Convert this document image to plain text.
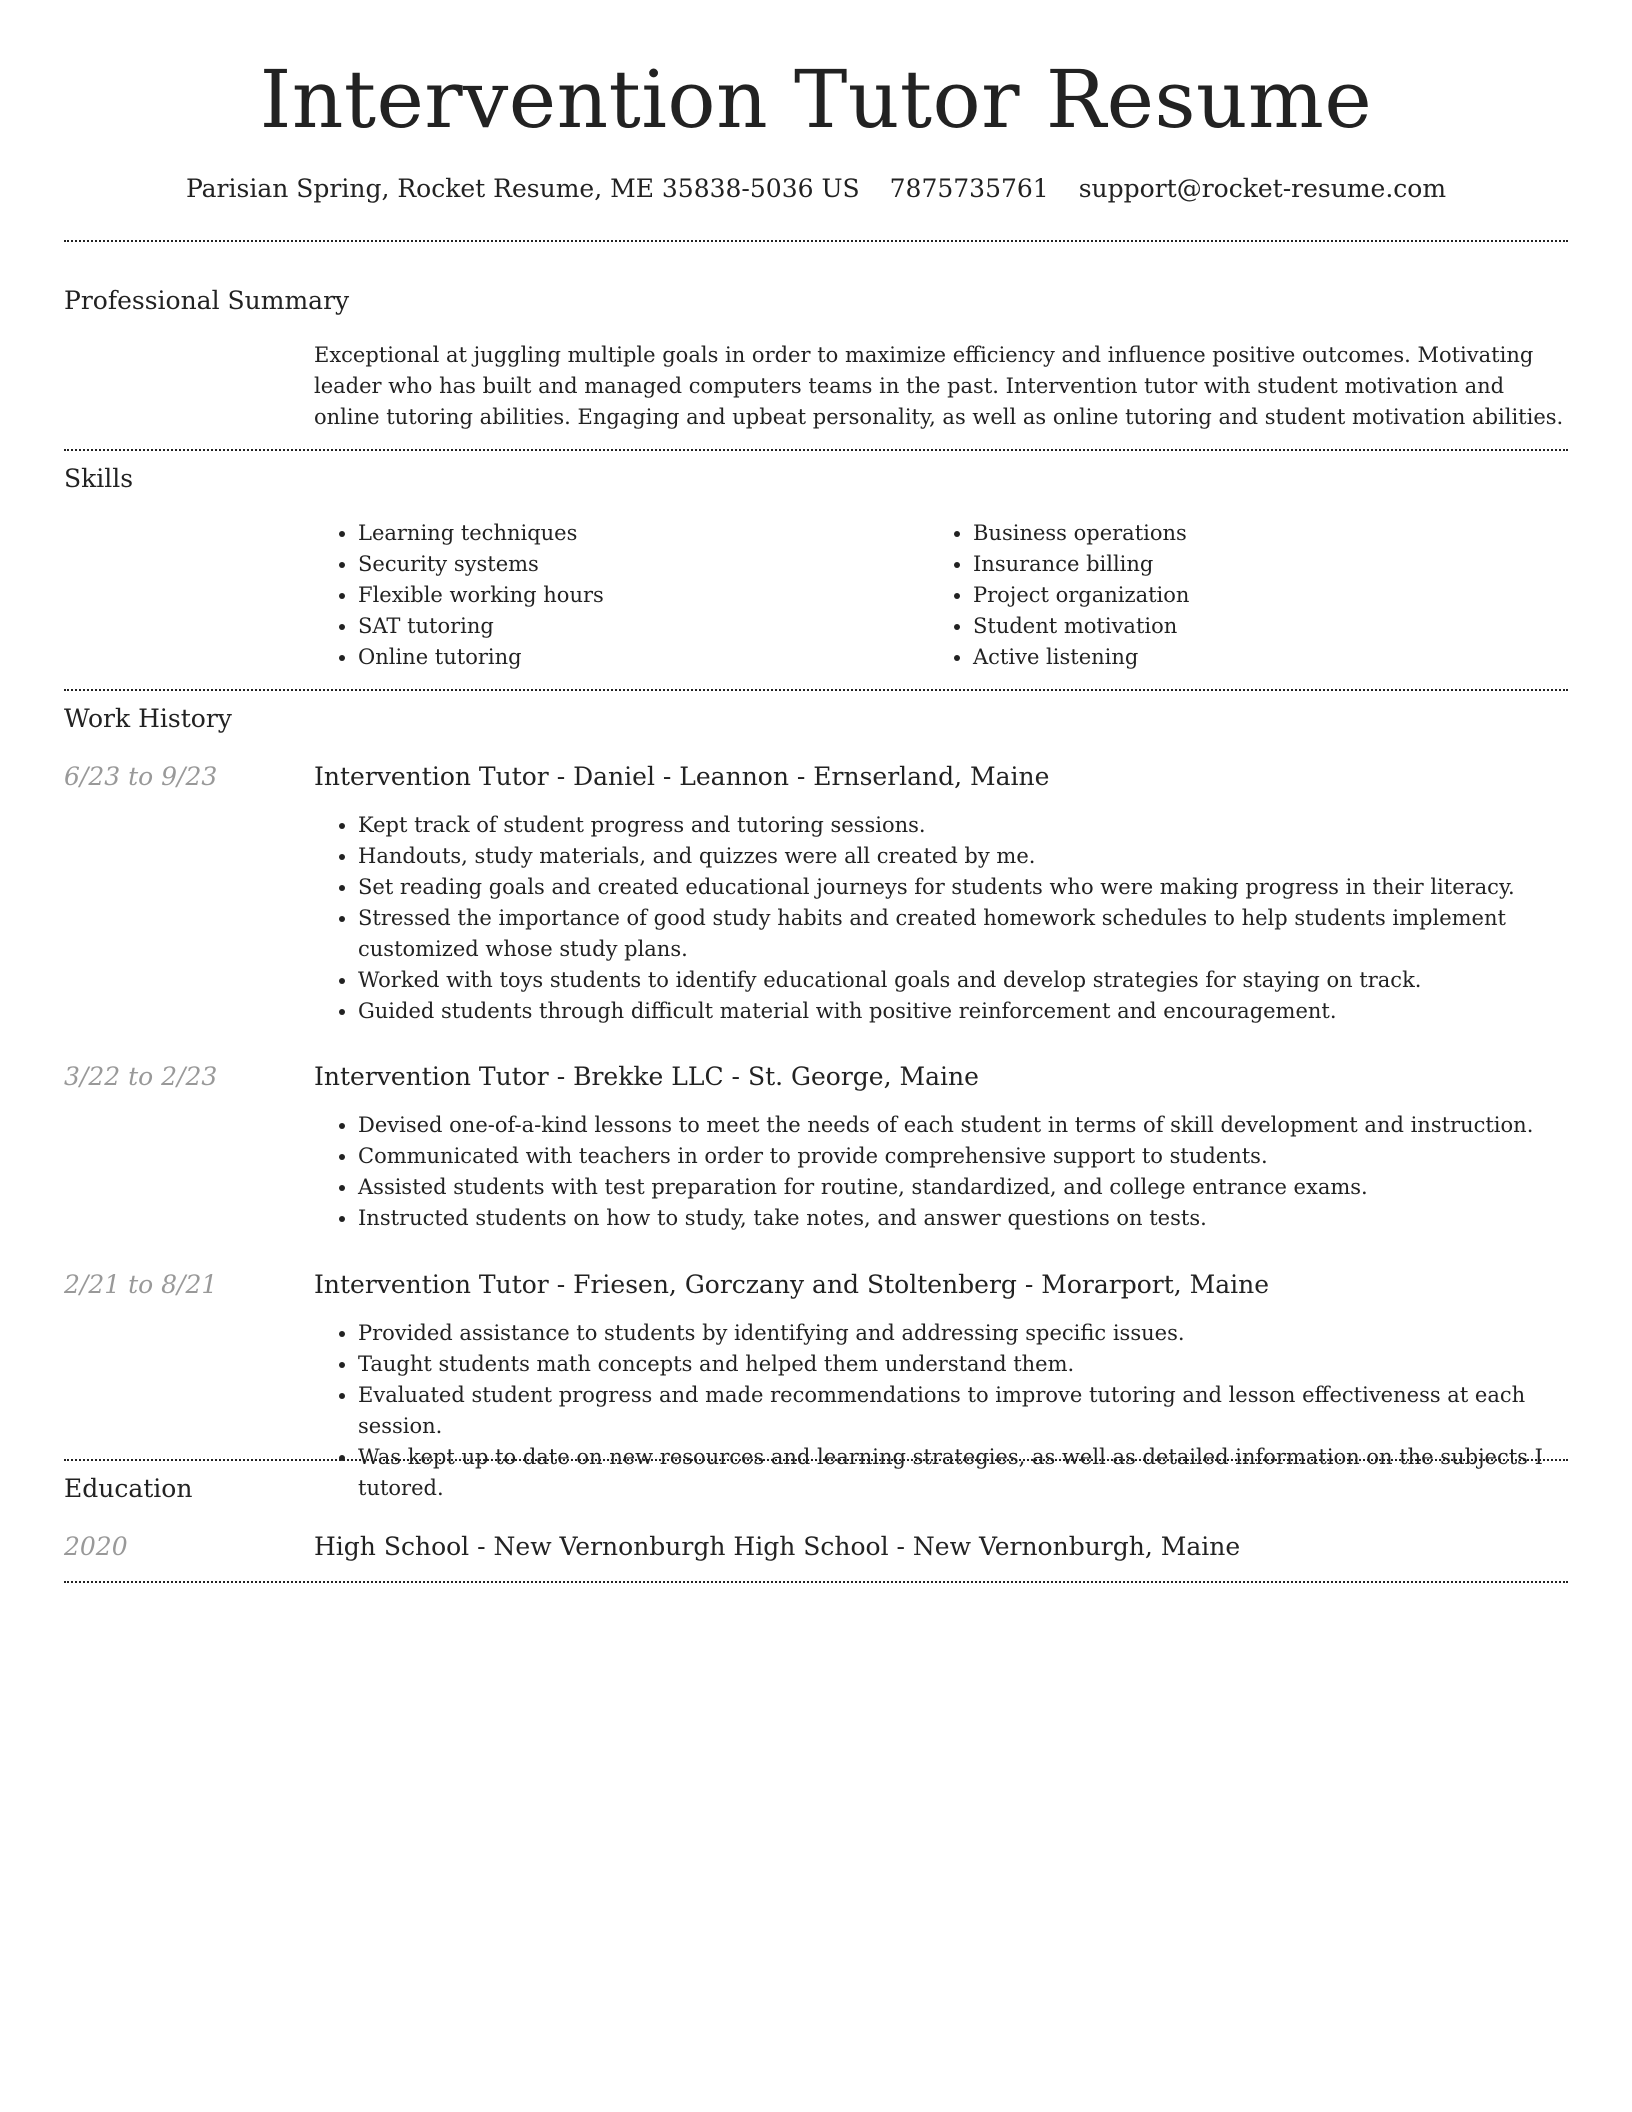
Intervention Tutor Resume
Parisian Spring, Rocket Resume, ME 35838-5036 US 7875735761 support@rocket-resume.com
Professional Summary
Exceptional at juggling multiple goals in order to maximize efficiency and influence positive outcomes. Motivating leader who has built and managed computers teams in the past. Intervention tutor with student motivation and online tutoring abilities. Engaging and upbeat personality, as well as online tutoring and student motivation abilities.
Skills
• Learning techniques
• Security systems
• Flexible working hours
• SAT tutoring
• Online tutoring
• Business operations
• Insurance billing
• Project organization
• Student motivation
• Active listening
Work History
6/23 to 9/23	Intervention Tutor - Daniel - Leannon - Ernserland, Maine
• Kept track of student progress and tutoring sessions.
• Handouts, study materials, and quizzes were all created by me.
• Set reading goals and created educational journeys for students who were making progress in their literacy.
• Stressed the importance of good study habits and created homework schedules to help students implement customized whose study plans.
• Worked with toys students to identify educational goals and develop strategies for staying on track.
• Guided students through difficult material with positive reinforcement and encouragement.
3/22 to 2/23	Intervention Tutor - Brekke LLC - St. George, Maine
• Devised one-of-a-kind lessons to meet the needs of each student in terms of skill development and instruction.
• Communicated with teachers in order to provide comprehensive support to students.
• Assisted students with test preparation for routine, standardized, and college entrance exams.
• Instructed students on how to study, take notes, and answer questions on tests.
2/21 to 8/21	Intervention Tutor - Friesen, Gorczany and Stoltenberg - Morarport, Maine
• Provided assistance to students by identifying and addressing specific issues.
• Taught students math concepts and helped them understand them.
• Evaluated student progress and made recommendations to improve tutoring and lesson effectiveness at each session.
• Was kept up to date on new resources and learning strategies, as well as detailed information on the subjects I tutored.
Education
2020	High School - New Vernonburgh High School - New Vernonburgh, Maine
